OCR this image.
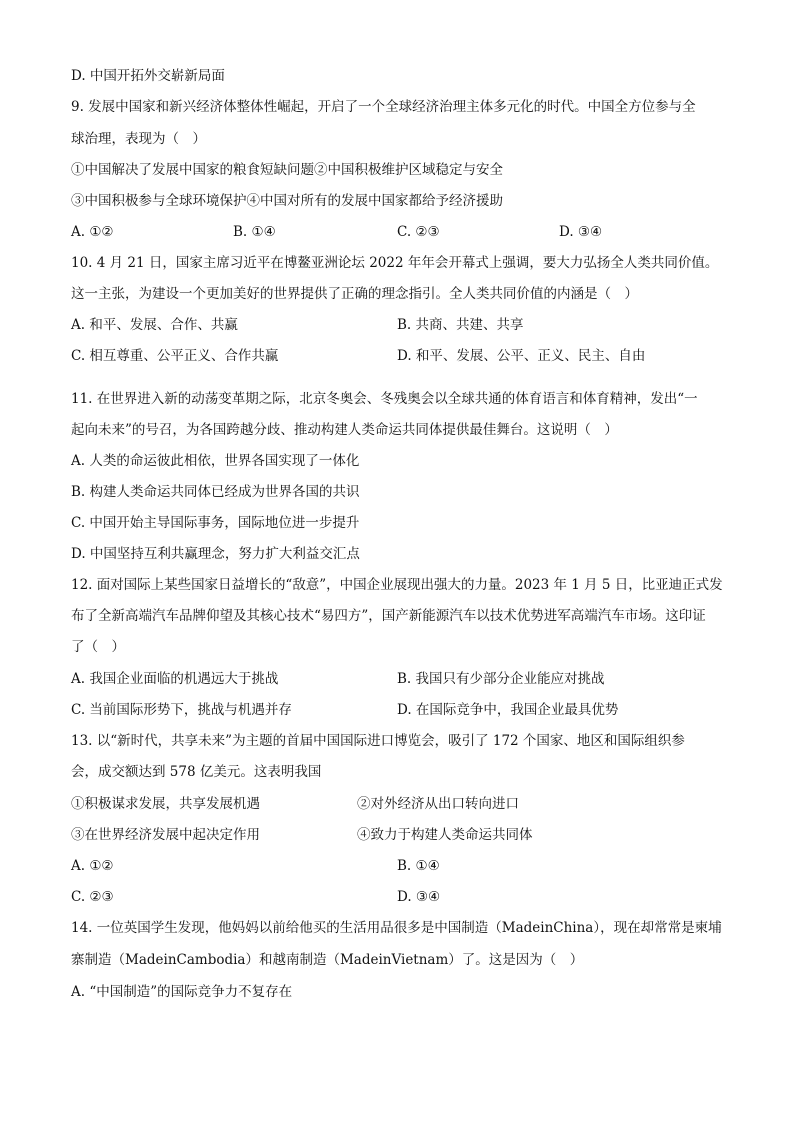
D. 中国开拓外交崭新局面
9. 发展中国家和新兴经济体整体性崛起，开启了一个全球经济治理主体多元化的时代。中国全方位参与全
球治理，表现为（　）
①中国解决了发展中国家的粮食短缺问题②中国积极维护区域稳定与安全
③中国积极参与全球环境保护④中国对所有的发展中国家都给予经济援助
A. ①②	B. ①④	C. ②③	D. ③④
10. 4 月 21 日，国家主席习近平在博鳌亚洲论坛 2022 年年会开幕式上强调，要大力弘扬全人类共同价值。
这一主张，为建设一个更加美好的世界提供了正确的理念指引。全人类共同价值的内涵是（　）
A. 和平、发展、合作、共赢	B. 共商、共建、共享
C. 相互尊重、公平正义、合作共赢	D. 和平、发展、公平、正义、民主、自由
11. 在世界进入新的动荡变革期之际，北京冬奥会、冬残奥会以全球共通的体育语言和体育精神，发出“一
起向未来”的号召，为各国跨越分歧、推动构建人类命运共同体提供最佳舞台。这说明（　）
A. 人类的命运彼此相依，世界各国实现了一体化
B. 构建人类命运共同体已经成为世界各国的共识
C. 中国开始主导国际事务，国际地位进一步提升
D. 中国坚持互利共赢理念，努力扩大利益交汇点
12. 面对国际上某些国家日益增长的“敌意”，中国企业展现出强大的力量。2023 年 1 月 5 日，比亚迪正式发
布了全新高端汽车品牌仰望及其核心技术“易四方”，国产新能源汽车以技术优势进军高端汽车市场。这印证
了（　）
A. 我国企业面临的机遇远大于挑战	B. 我国只有少部分企业能应对挑战
C. 当前国际形势下，挑战与机遇并存	D. 在国际竞争中，我国企业最具优势
13. 以“新时代，共享未来”为主题的首届中国国际进口博览会，吸引了 172 个国家、地区和国际组织参
会，成交额达到 578 亿美元。这表明我国
①积极谋求发展，共享发展机遇	②对外经济从出口转向进口
③在世界经济发展中起决定作用	④致力于构建人类命运共同体
A. ①②	B. ①④
C. ②③	D. ③④
14. 一位英国学生发现，他妈妈以前给他买的生活用品很多是中国制造（MadeinChina），现在却常常是柬埔
寨制造（MadeinCambodia）和越南制造（MadeinVietnam）了。这是因为（　）
A. “中国制造”的国际竞争力不复存在
